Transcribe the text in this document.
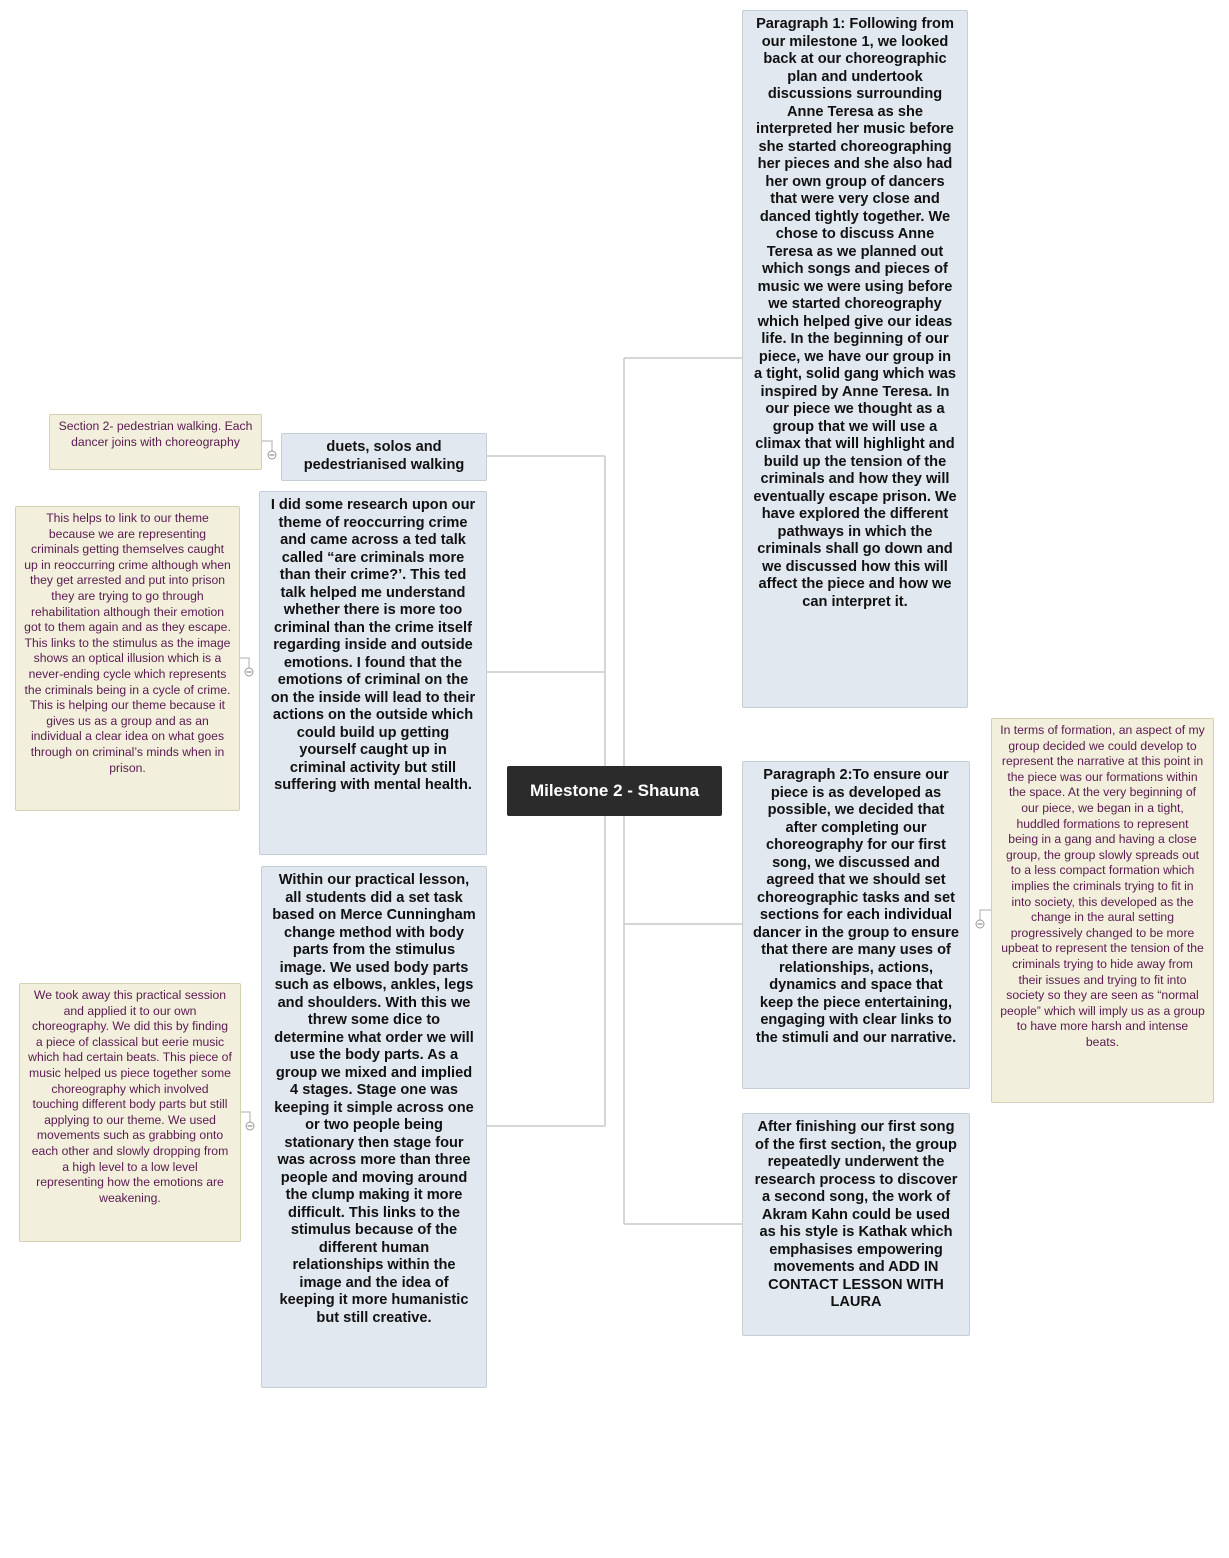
Milestone 2 - Shauna
Paragraph 1: Following from our milestone 1, we looked back at our choreographic plan and undertook discussions surrounding Anne Teresa as she interpreted her music before she started choreographing her pieces and she also had her own group of dancers that were very close and danced tightly together. We chose to discuss Anne Teresa as we planned out which songs and pieces of music we were using before we started choreography which helped give our ideas life. In the beginning of our piece, we have our group in a tight, solid gang which was inspired by Anne Teresa. In our piece we thought as a group that we will use a climax that will highlight and build up the tension of the criminals and how they will eventually escape prison. We have explored the different pathways in which the criminals shall go down and we discussed how this will affect the piece and how we can interpret it.
Paragraph 2:To ensure our piece is as developed as possible, we decided that after completing our choreography for our first song, we discussed and agreed that we should set choreographic tasks and set sections for each individual dancer in the group to ensure that there are many uses of relationships, actions, dynamics and space that keep the piece entertaining, engaging with clear links to the stimuli and our narrative.
After finishing our first song of the first section, the group repeatedly underwent the research process to discover a second song, the work of Akram Kahn could be used as his style is Kathak which emphasises empowering movements and ADD IN CONTACT LESSON WITH LAURA
duets, solos and pedestrianised walking
I did some research upon our theme of reoccurring crime and came across a ted talk called “are criminals more than their crime?’. This ted talk helped me understand whether there is more too criminal than the crime itself regarding inside and outside emotions. I found that the emotions of criminal on the on the inside will lead to their actions on the outside which could build up getting yourself caught up in criminal activity but still suffering with mental health.
Within our practical lesson, all students did a set task based on Merce Cunningham change method with body parts from the stimulus image. We used body parts such as elbows, ankles, legs and shoulders. With this we threw some dice to determine what order we will use the body parts. As a group we mixed and implied 4 stages. Stage one was keeping it simple across one or two people being stationary then stage four was across more than three people and moving around the clump making it more difficult. This links to the stimulus because of the different human relationships within the image and the idea of keeping it more humanistic but still creative.
Section 2- pedestrian walking. Each dancer joins with choreography
This helps to link to our theme because we are representing criminals getting themselves caught up in reoccurring crime although when they get arrested and put into prison they are trying to go through rehabilitation although their emotion got to them again and as they escape. This links to the stimulus as the image shows an optical illusion which is a never-ending cycle which represents the criminals being in a cycle of crime. This is helping our theme because it gives us as a group and as an individual a clear idea on what goes through on criminal’s minds when in prison.
We took away this practical session and applied it to our own choreography. We did this by finding a piece of classical but eerie music which had certain beats. This piece of music helped us piece together some choreography which involved touching different body parts but still applying to our theme. We used movements such as grabbing onto each other and slowly dropping from a high level to a low level representing how the emotions are weakening.
In terms of formation, an aspect of my group decided we could develop to represent the narrative at this point in the piece was our formations within the space. At the very beginning of our piece, we began in a tight, huddled formations to represent being in a gang and having a close group, the group slowly spreads out to a less compact formation which implies the criminals trying to fit in into society, this developed as the change in the aural setting progressively changed to be more upbeat to represent the tension of the criminals trying to hide away from their issues and trying to fit into society so they are seen as “normal people” which will imply us as a group to have more harsh and intense beats.
